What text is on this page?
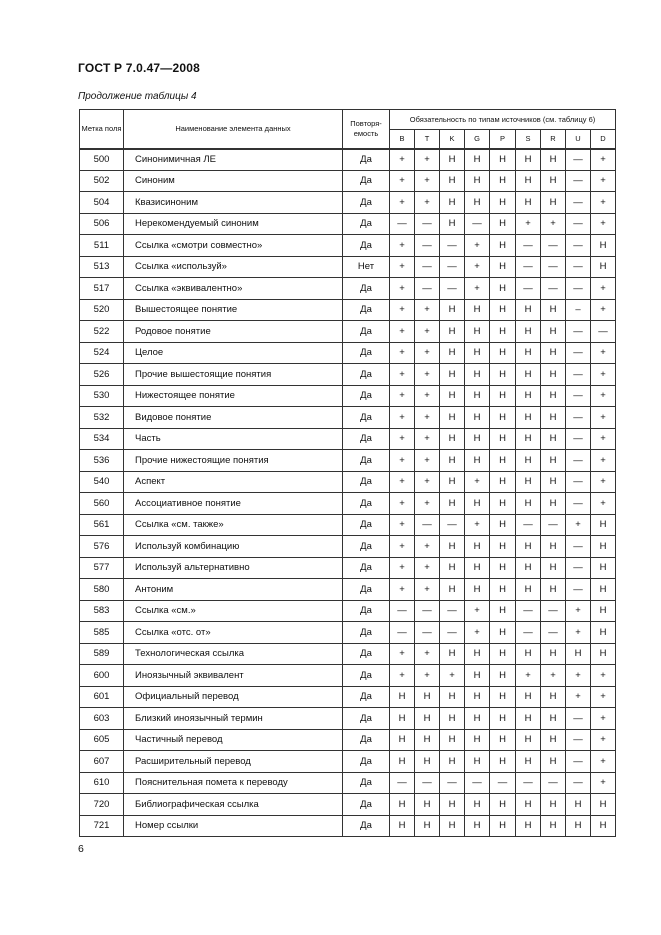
ГОСТ Р 7.0.47—2008
Продолжение таблицы 4
Метка поля	Наименование элемента данных	Повторя-емость	Обязательность по типам источников (см. таблицу 6)								
			B	T	K	G	P	S	R	U	D
500	Синонимичная ЛЕ	Да	+	+	Н	Н	Н	Н	Н	—	+
502	Синоним	Да	+	+	Н	Н	Н	Н	Н	—	+
504	Квазисиноним	Да	+	+	Н	Н	Н	Н	Н	—	+
506	Нерекомендуемый синоним	Да	—	—	Н	—	Н	+	+	—	+
511	Ссылка «смотри совместно»	Да	+	—	—	+	Н	—	—	—	Н
513	Ссылка «используй»	Нет	+	—	—	+	Н	—	—	—	Н
517	Ссылка «эквивалентно»	Да	+	—	—	+	Н	—	—	—	+
520	Вышестоящее понятие	Да	+	+	Н	Н	Н	Н	Н	–	+
522	Родовое понятие	Да	+	+	Н	Н	Н	Н	Н	—	—
524	Целое	Да	+	+	Н	Н	Н	Н	Н	—	+
526	Прочие вышестоящие понятия	Да	+	+	Н	Н	Н	Н	Н	—	+
530	Нижестоящее понятие	Да	+	+	Н	Н	Н	Н	Н	—	+
532	Видовое понятие	Да	+	+	Н	Н	Н	Н	Н	—	+
534	Часть	Да	+	+	Н	Н	Н	Н	Н	—	+
536	Прочие нижестоящие понятия	Да	+	+	Н	Н	Н	Н	Н	—	+
540	Аспект	Да	+	+	Н	+	Н	Н	Н	—	+
560	Ассоциативное понятие	Да	+	+	Н	Н	Н	Н	Н	—	+
561	Ссылка «см. также»	Да	+	—	—	+	Н	—	—	+	Н
576	Используй комбинацию	Да	+	+	Н	Н	Н	Н	Н	—	Н
577	Используй альтернативно	Да	+	+	Н	Н	Н	Н	Н	—	Н
580	Антоним	Да	+	+	Н	Н	Н	Н	Н	—	Н
583	Ссылка «см.»	Да	—	—	—	+	Н	—	—	+	Н
585	Ссылка «отс. от»	Да	—	—	—	+	Н	—	—	+	Н
589	Технологическая ссылка	Да	+	+	Н	Н	Н	Н	Н	Н	Н
600	Иноязычный эквивалент	Да	+	+	+	Н	Н	+	+	+	+
601	Официальный перевод	Да	Н	Н	Н	Н	Н	Н	Н	+	+
603	Близкий иноязычный термин	Да	Н	Н	Н	Н	Н	Н	Н	—	+
605	Частичный перевод	Да	Н	Н	Н	Н	Н	Н	Н	—	+
607	Расширительный перевод	Да	Н	Н	Н	Н	Н	Н	Н	—	+
610	Пояснительная помета к переводу	Да	—	—	—	—	—	—	—	—	+
720	Библиографическая ссылка	Да	Н	Н	Н	Н	Н	Н	Н	Н	Н
721	Номер ссылки	Да	Н	Н	Н	Н	Н	Н	Н	Н	Н
6
